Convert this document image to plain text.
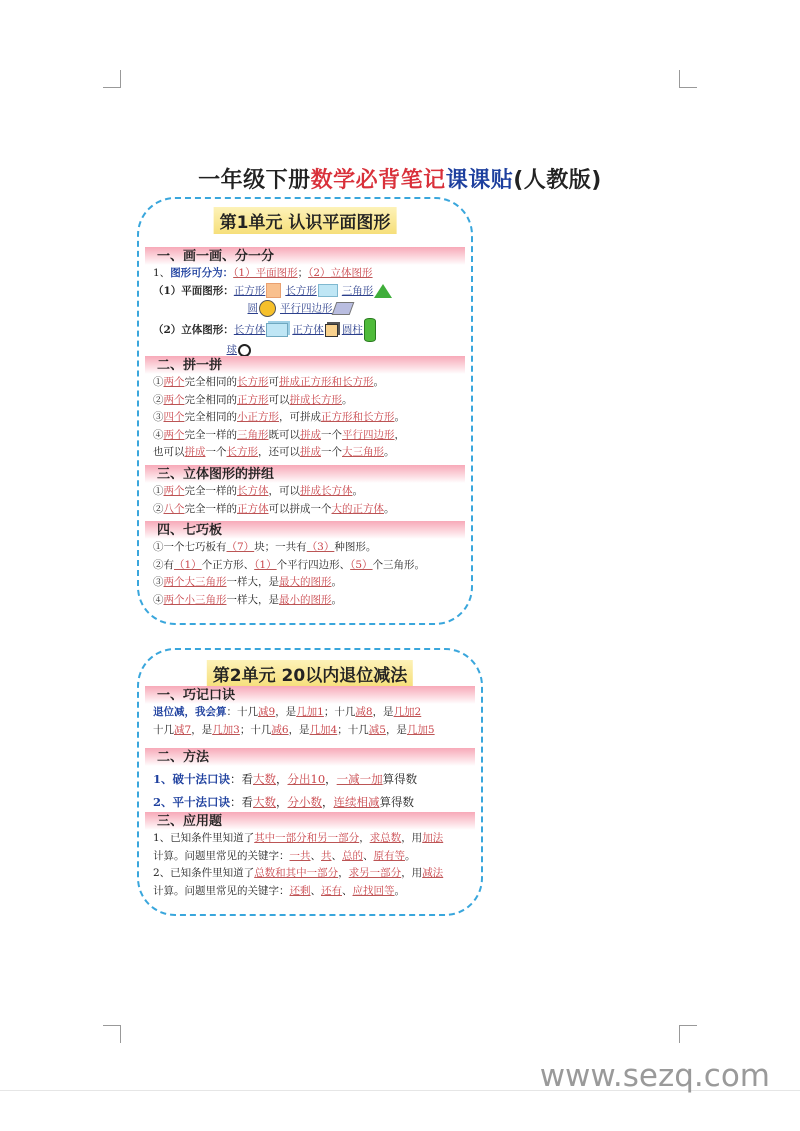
一年级下册数学必背笔记课课贴(人教版)
第1单元 认识平面图形
一、画一画、分一分
1、图形可分为：（1）平面图形；（2）立体图形
（1）平面图形：正方形 长方形 三角形
　　　　　　　　　圆 平行四边形
（2）立体图形：长方体	正方体 圆柱
　　　　　　　球
二、拼一拼
①两个完全相同的长方形可拼成正方形和长方形。
②两个完全相同的正方形可以拼成长方形。
③四个完全相同的小正方形，可拼成正方形和长方形。
④两个完全一样的三角形既可以拼成一个平行四边形，
也可以拼成一个长方形，还可以拼成一个大三角形。
三、立体图形的拼组
①两个完全一样的长方体，可以拼成长方体。
②八个完全一样的正方体可以拼成一个大的正方体。
四、七巧板
①一个七巧板有（7）块；一共有（3）种图形。
②有（1）个正方形、（1）个平行四边形、（5）个三角形。
③两个大三角形一样大，是最大的图形。
④两个小三角形一样大，是最小的图形。
第2单元 20以内退位减法
一、巧记口诀
退位减，我会算：十几减9，是几加1；十几减8，是几加2
十几减7，是几加3；十几减6，是几加4；十几减5，是几加5
二、方法
1、破十法口诀：看大数，分出10，一减一加算得数
2、平十法口诀：看大数，分小数，连续相减算得数
三、应用题
1、已知条件里知道了其中一部分和另一部分，求总数，用加法
计算。问题里常见的关键字：一共、共、总的、原有等。
2、已知条件里知道了总数和其中一部分，求另一部分，用减法
计算。问题里常见的关键字：还剩、还有、应找回等。
www.sezq.com
